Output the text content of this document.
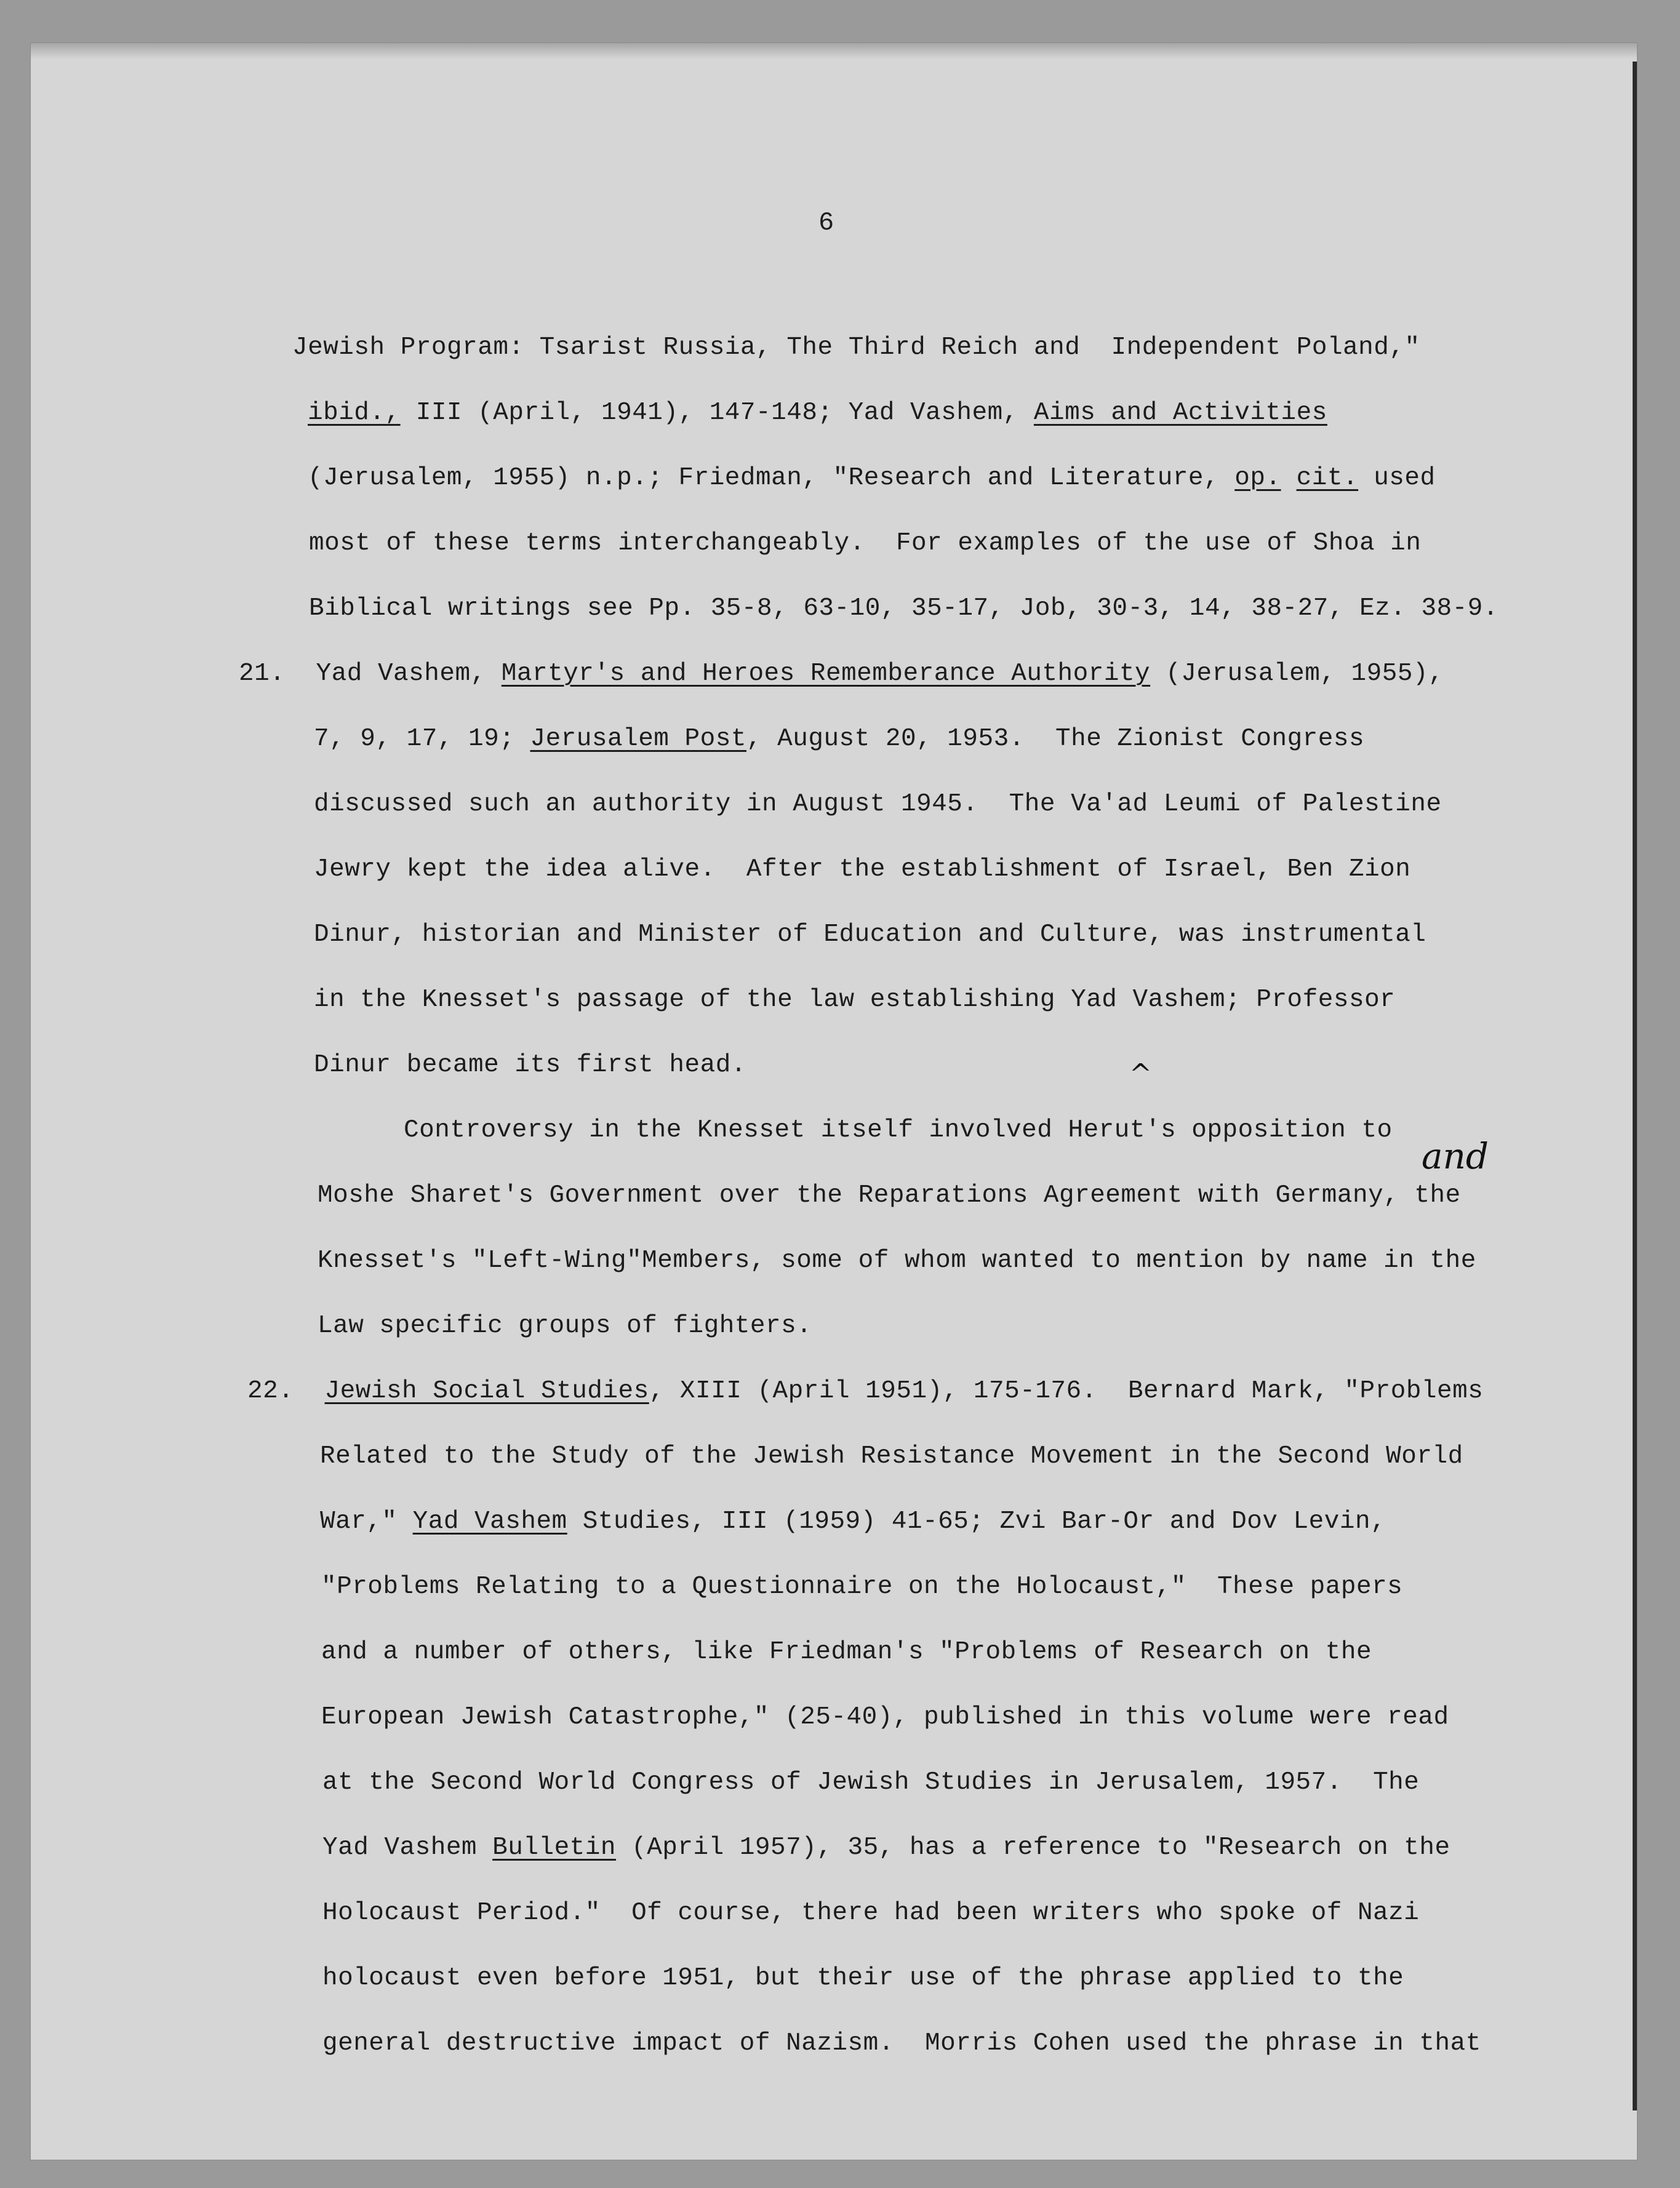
6
Jewish Program: Tsarist Russia, The Third Reich and  Independent Poland,"
ibid., III (April, 1941), 147-148; Yad Vashem, Aims and Activities
(Jerusalem, 1955) n.p.; Friedman, "Research and Literature, op. cit. used
most of these terms interchangeably.  For examples of the use of Shoa in
Biblical writings see Pp. 35-8, 63-10, 35-17, Job, 30-3, 14, 38-27, Ez. 38-9.
21.  Yad Vashem, Martyr's and Heroes Rememberance Authority (Jerusalem, 1955),
7, 9, 17, 19; Jerusalem Post, August 20, 1953.  The Zionist Congress
discussed such an authority in August 1945.  The Va'ad Leumi of Palestine
Jewry kept the idea alive.  After the establishment of Israel, Ben Zion
Dinur, historian and Minister of Education and Culture, was instrumental
in the Knesset's passage of the law establishing Yad Vashem; Professor
Dinur became its first head.
Controversy in the Knesset itself involved Herut's opposition to
Moshe Sharet's Government over the Reparations Agreement with Germany, the
Knesset's "Left-Wing"Members, some of whom wanted to mention by name in the
Law specific groups of fighters.
22.  Jewish Social Studies, XIII (April 1951), 175-176.  Bernard Mark, "Problems
Related to the Study of the Jewish Resistance Movement in the Second World
War," Yad Vashem Studies, III (1959) 41-65; Zvi Bar-Or and Dov Levin,
"Problems Relating to a Questionnaire on the Holocaust,"  These papers
and a number of others, like Friedman's "Problems of Research on the
European Jewish Catastrophe," (25-40), published in this volume were read
at the Second World Congress of Jewish Studies in Jerusalem, 1957.  The
Yad Vashem Bulletin (April 1957), 35, has a reference to "Research on the
Holocaust Period."  Of course, there had been writers who spoke of Nazi
holocaust even before 1951, but their use of the phrase applied to the
general destructive impact of Nazism.  Morris Cohen used the phrase in that
and
^
